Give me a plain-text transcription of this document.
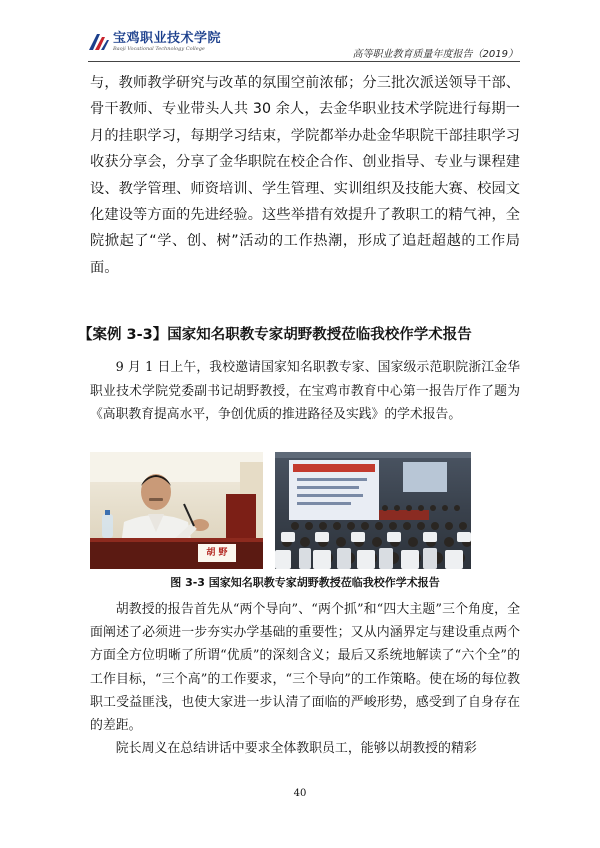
宝鸡职业技术学院
Baoji Vocational Technology College	高等职业教育质量年度报告（2019）

与，教师教学研究与改革的氛围空前浓郁；分三批次派送领导干部、骨干教师、专业带头人共 30 余人，去金华职业技术学院进行每期一月的挂职学习，每期学习结束，学院都举办赴金华职院干部挂职学习收获分享会，分享了金华职院在校企合作、创业指导、专业与课程建设、教学管理、师资培训、学生管理、实训组织及技能大赛、校园文化建设等方面的先进经验。这些举措有效提升了教职工的精气神，全院掀起了“学、创、树”活动的工作热潮，形成了追赶超越的工作局面。

【案例 3-3】国家知名职教专家胡野教授莅临我校作学术报告

9 月 1 日上午，我校邀请国家知名职教专家、国家级示范职院浙江金华职业技术学院党委副书记胡野教授，在宝鸡市教育中心第一报告厅作了题为《高职教育提高水平，争创优质的推进路径及实践》的学术报告。

胡 野
图 3-3 国家知名职教专家胡野教授莅临我校作学术报告

胡教授的报告首先从“两个导向”、“两个抓”和“四大主题”三个角度，全面阐述了必须进一步夯实办学基础的重要性；又从内涵界定与建设重点两个方面全方位明晰了所谓“优质”的深刻含义；最后又系统地解读了“六个全”的工作目标，“三个高”的工作要求，“三个导向”的工作策略。使在场的每位教职工受益匪浅，也使大家进一步认清了面临的严峻形势，感受到了自身存在的差距。

院长周义在总结讲话中要求全体教职员工，能够以胡教授的精彩

40
